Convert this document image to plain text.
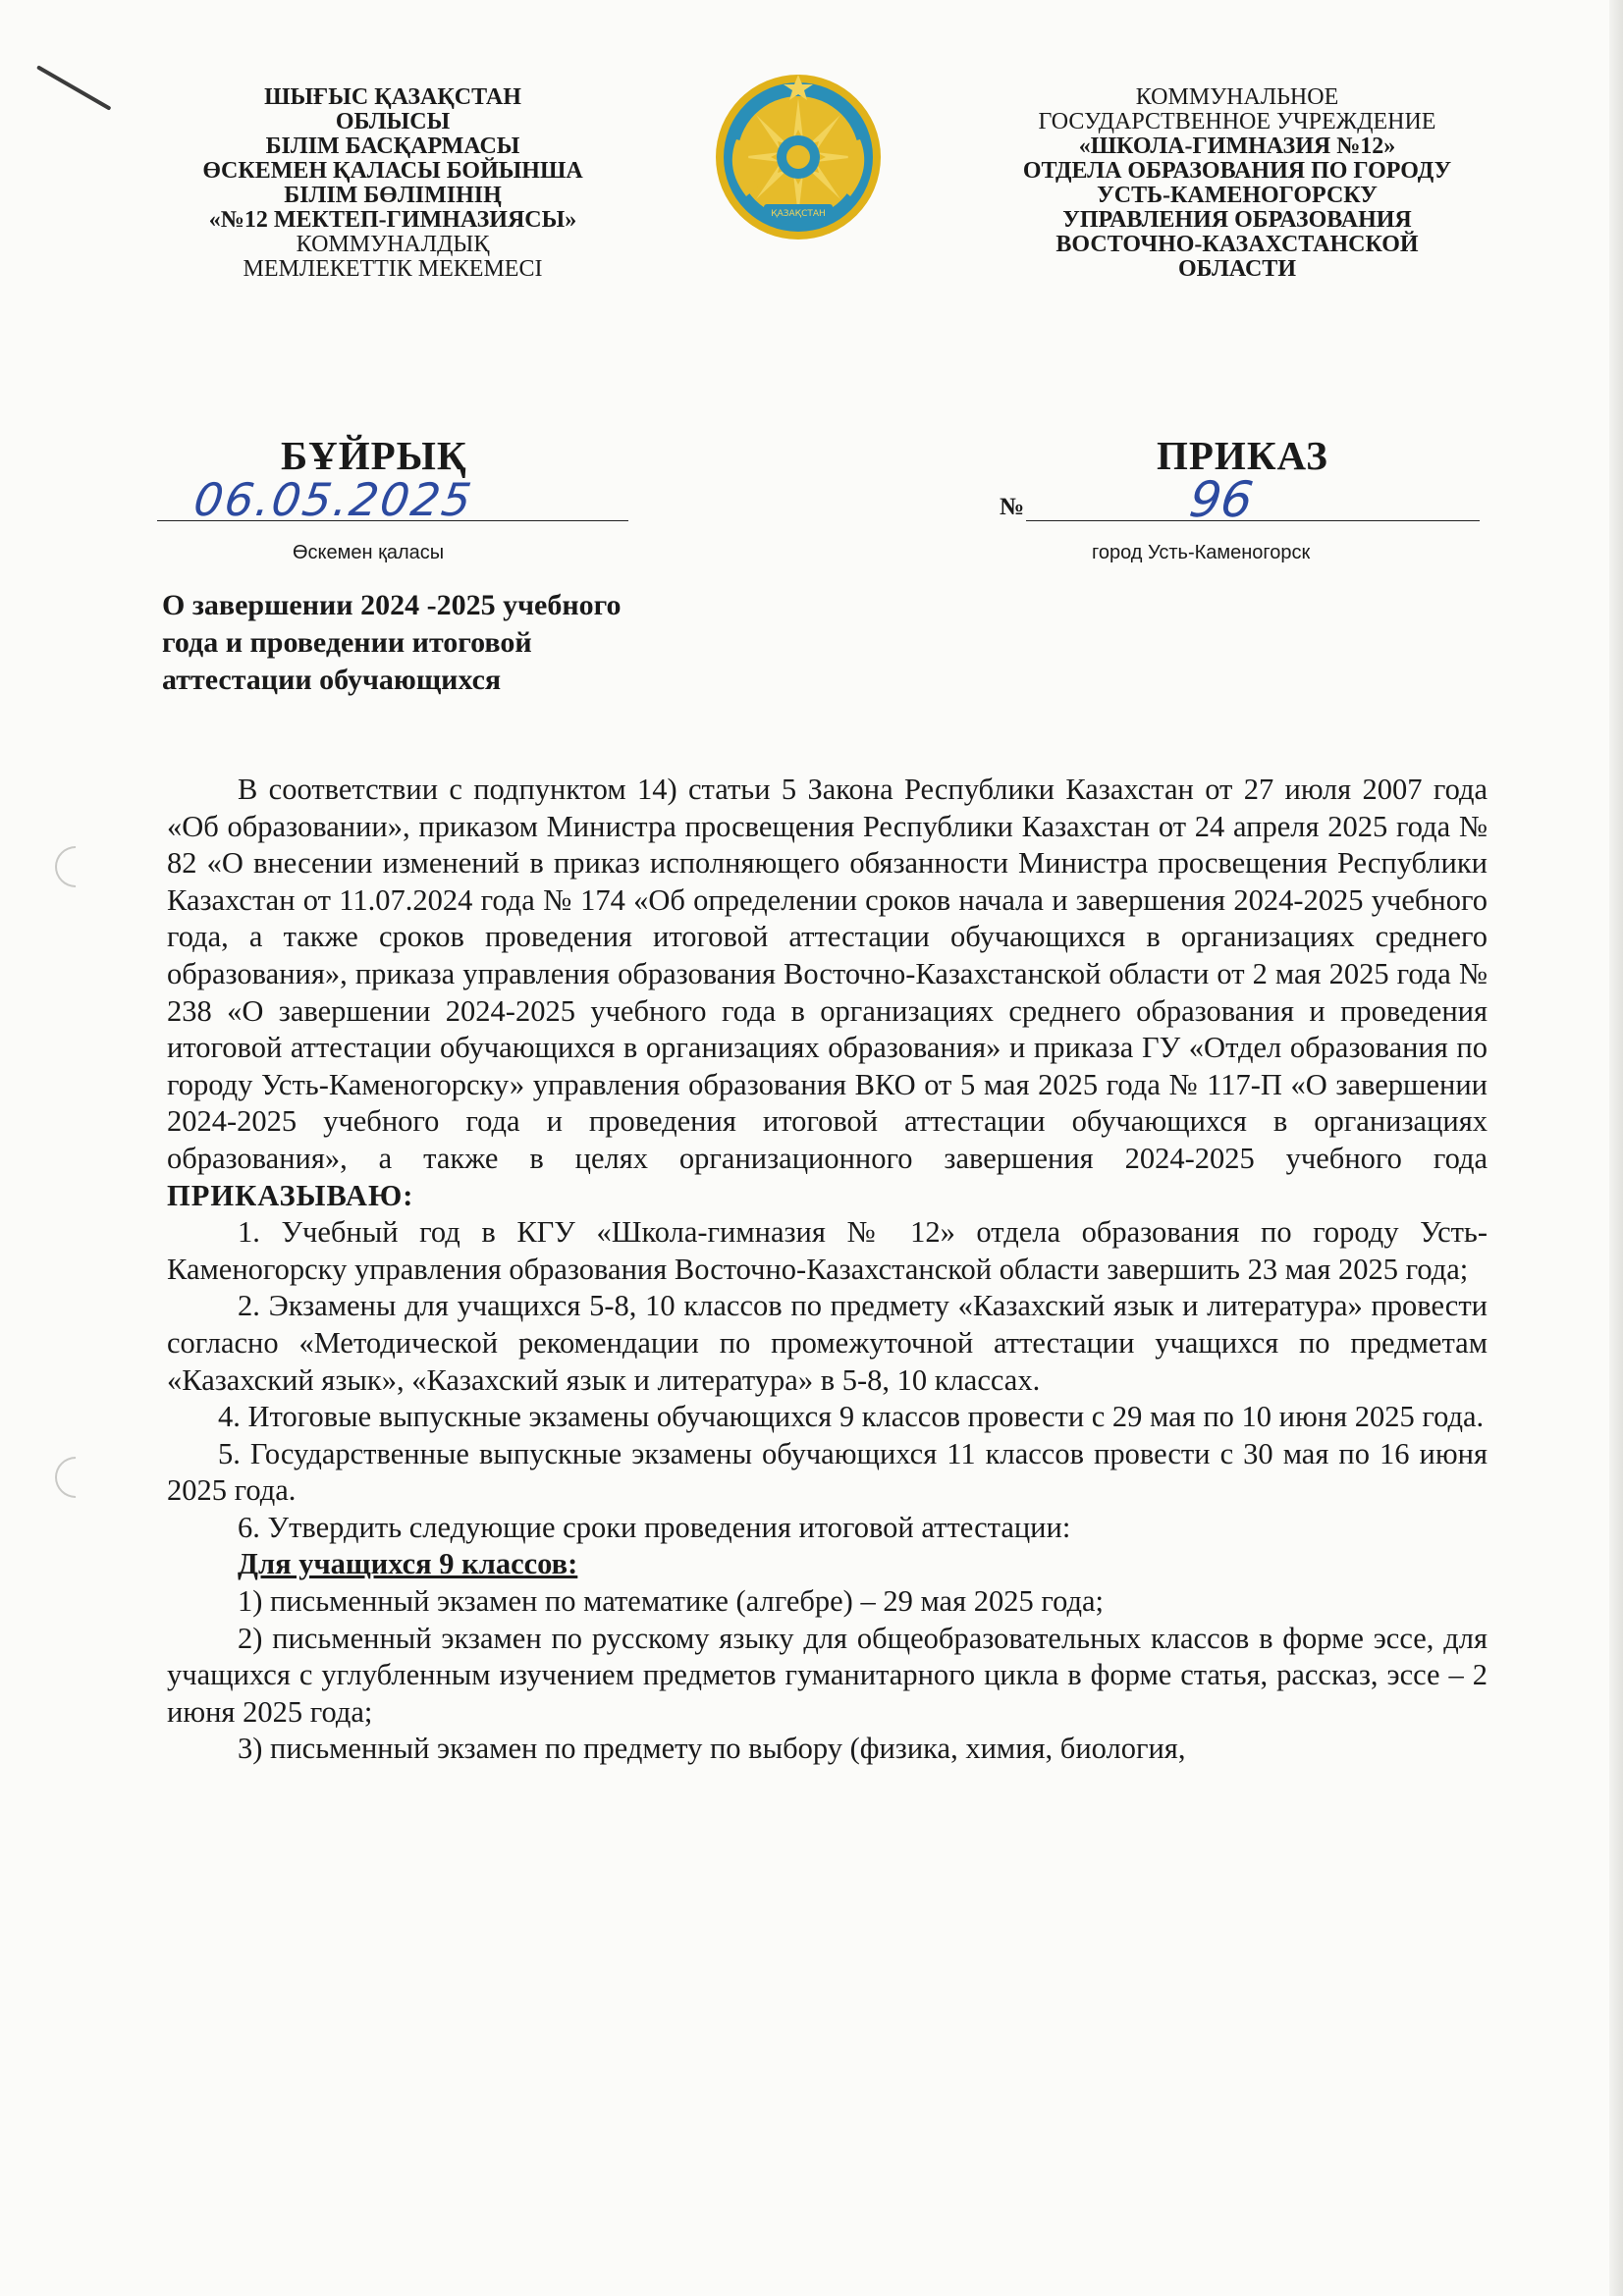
ШЫҒЫС ҚАЗАҚСТАН
ОБЛЫСЫ
БІЛІМ БАСҚАРМАСЫ
ӨСКЕМЕН ҚАЛАСЫ БОЙЫНША
БІЛІМ БӨЛІМІНІҢ
«№12 МЕКТЕП-ГИМНАЗИЯСЫ»
КОММУНАЛДЫҚ
МЕМЛЕКЕТТІК МЕКЕМЕСІ
ҚАЗАҚСТАН
КОММУНАЛЬНОЕ
ГОСУДАРСТВЕННОЕ УЧРЕЖДЕНИЕ
«ШКОЛА-ГИМНАЗИЯ №12»
ОТДЕЛА ОБРАЗОВАНИЯ ПО ГОРОДУ
УСТЬ-КАМЕНОГОРСКУ
УПРАВЛЕНИЯ ОБРАЗОВАНИЯ
ВОСТОЧНО-КАЗАХСТАНСКОЙ
ОБЛАСТИ
БҰЙРЫҚ	ПРИКАЗ
06.05.2025	№	96
Өскемен қаласы	город Усть-Каменогорск
О завершении 2024 -2025 учебного
года и проведении итоговой
аттестации обучающихся

В соответствии с подпунктом 14) статьи 5 Закона Республики Казахстан от 27 июля 2007 года «Об образовании», приказом Министра просвещения Республики Казахстан от 24 апреля 2025 года № 82 «О внесении изменений в приказ исполняющего обязанности Министра просвещения Республики Казахстан от 11.07.2024 года № 174 «Об определении сроков начала и завершения 2024-2025 учебного года, а также сроков проведения итоговой аттестации обучающихся в организациях среднего образования», приказа управления образования Восточно-Казахстанской области от 2 мая 2025 года № 238 «О завершении 2024-2025 учебного года в организациях среднего образования и проведения итоговой аттестации обучающихся в организациях образования» и приказа ГУ «Отдел образования по городу Усть-Каменогорску» управления образования ВКО от 5 мая 2025 года № 117-П «О завершении 2024-2025 учебного года и проведения итоговой аттестации обучающихся в организациях образования», а также в целях организационного завершения 2024-2025 учебного года ПРИКАЗЫВАЮ:

1. Учебный год в КГУ «Школа-гимназия № 12» отдела образования по городу Усть-Каменогорску управления образования Восточно-Казахстанской области завершить 23 мая 2025 года;

2. Экзамены для учащихся 5-8, 10 классов по предмету «Казахский язык и литература» провести согласно «Методической рекомендации по промежуточной аттестации учащихся по предметам «Казахский язык», «Казахский язык и литература» в 5-8, 10 классах.

4. Итоговые выпускные экзамены обучающихся 9 классов провести с 29 мая по 10 июня 2025 года.

5. Государственные выпускные экзамены обучающихся 11 классов провести с 30 мая по 16 июня 2025 года.

6. Утвердить следующие сроки проведения итоговой аттестации:

Для учащихся 9 классов:

1) письменный экзамен по математике (алгебре) – 29 мая 2025 года;

2) письменный экзамен по русскому языку для общеобразовательных классов в форме эссе, для учащихся с углубленным изучением предметов гуманитарного цикла в форме статья, рассказ, эссе – 2 июня 2025 года;

3) письменный экзамен по предмету по выбору (физика, химия, биология,
